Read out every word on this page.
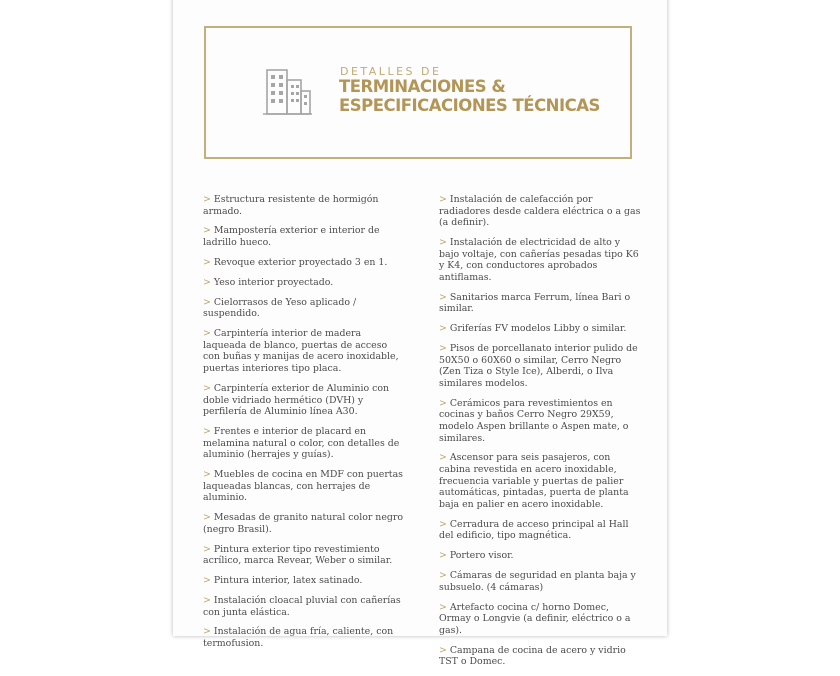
DETALLES DE
TERMINACIONES &
ESPECIFICACIONES TÉCNICAS
> Estructura resistente de hormigón armado.
> Mampostería exterior e interior de ladrillo hueco.
> Revoque exterior proyectado 3 en 1.
> Yeso interior proyectado.
> Cielorrasos de Yeso aplicado / suspendido.
> Carpintería interior de madera laqueada de blanco, puertas de acceso con buñas y manijas de acero inoxidable, puertas interiores tipo placa.
> Carpintería exterior de Aluminio con doble vidriado hermético (DVH) y perfilería de Aluminio línea A30.
> Frentes e interior de placard en melamina natural o color, con detalles de aluminio (herrajes y guías).
> Muebles de cocina en MDF con puertas laqueadas blancas, con herrajes de aluminio.
> Mesadas de granito natural color negro (negro Brasil).
> Pintura exterior tipo revestimiento acrílico, marca Revear, Weber o similar.
> Pintura interior, latex satinado.
> Instalación cloacal pluvial con cañerías con junta elástica.
> Instalación de agua fría, caliente, con termofusion.
> Instalación de calefacción por radiadores desde caldera eléctrica o a gas (a definir).
> Instalación de electricidad de alto y bajo voltaje, con cañerías pesadas tipo K6 y K4, con conductores aprobados antiflamas.
> Sanitarios marca Ferrum, línea Bari o similar.
> Griferías FV modelos Libby o similar.
> Pisos de porcellanato interior pulido de 50X50 o 60X60 o similar, Cerro Negro (Zen Tiza o Style Ice), Alberdi, o Ilva similares modelos.
> Cerámicos para revestimientos en cocinas y baños Cerro Negro 29X59, modelo Aspen brillante o Aspen mate, o similares.
> Ascensor para seis pasajeros, con cabina revestida en acero inoxidable, frecuencia variable y puertas de palier automáticas, pintadas, puerta de planta baja en palier en acero inoxidable.
> Cerradura de acceso principal al Hall del edificio, tipo magnética.
> Portero visor.
> Cámaras de seguridad en planta baja y subsuelo. (4 cámaras)
> Artefacto cocina c/ horno Domec, Ormay o Longvie (a definir, eléctrico o a gas).
> Campana de cocina de acero y vidrio TST o Domec.
